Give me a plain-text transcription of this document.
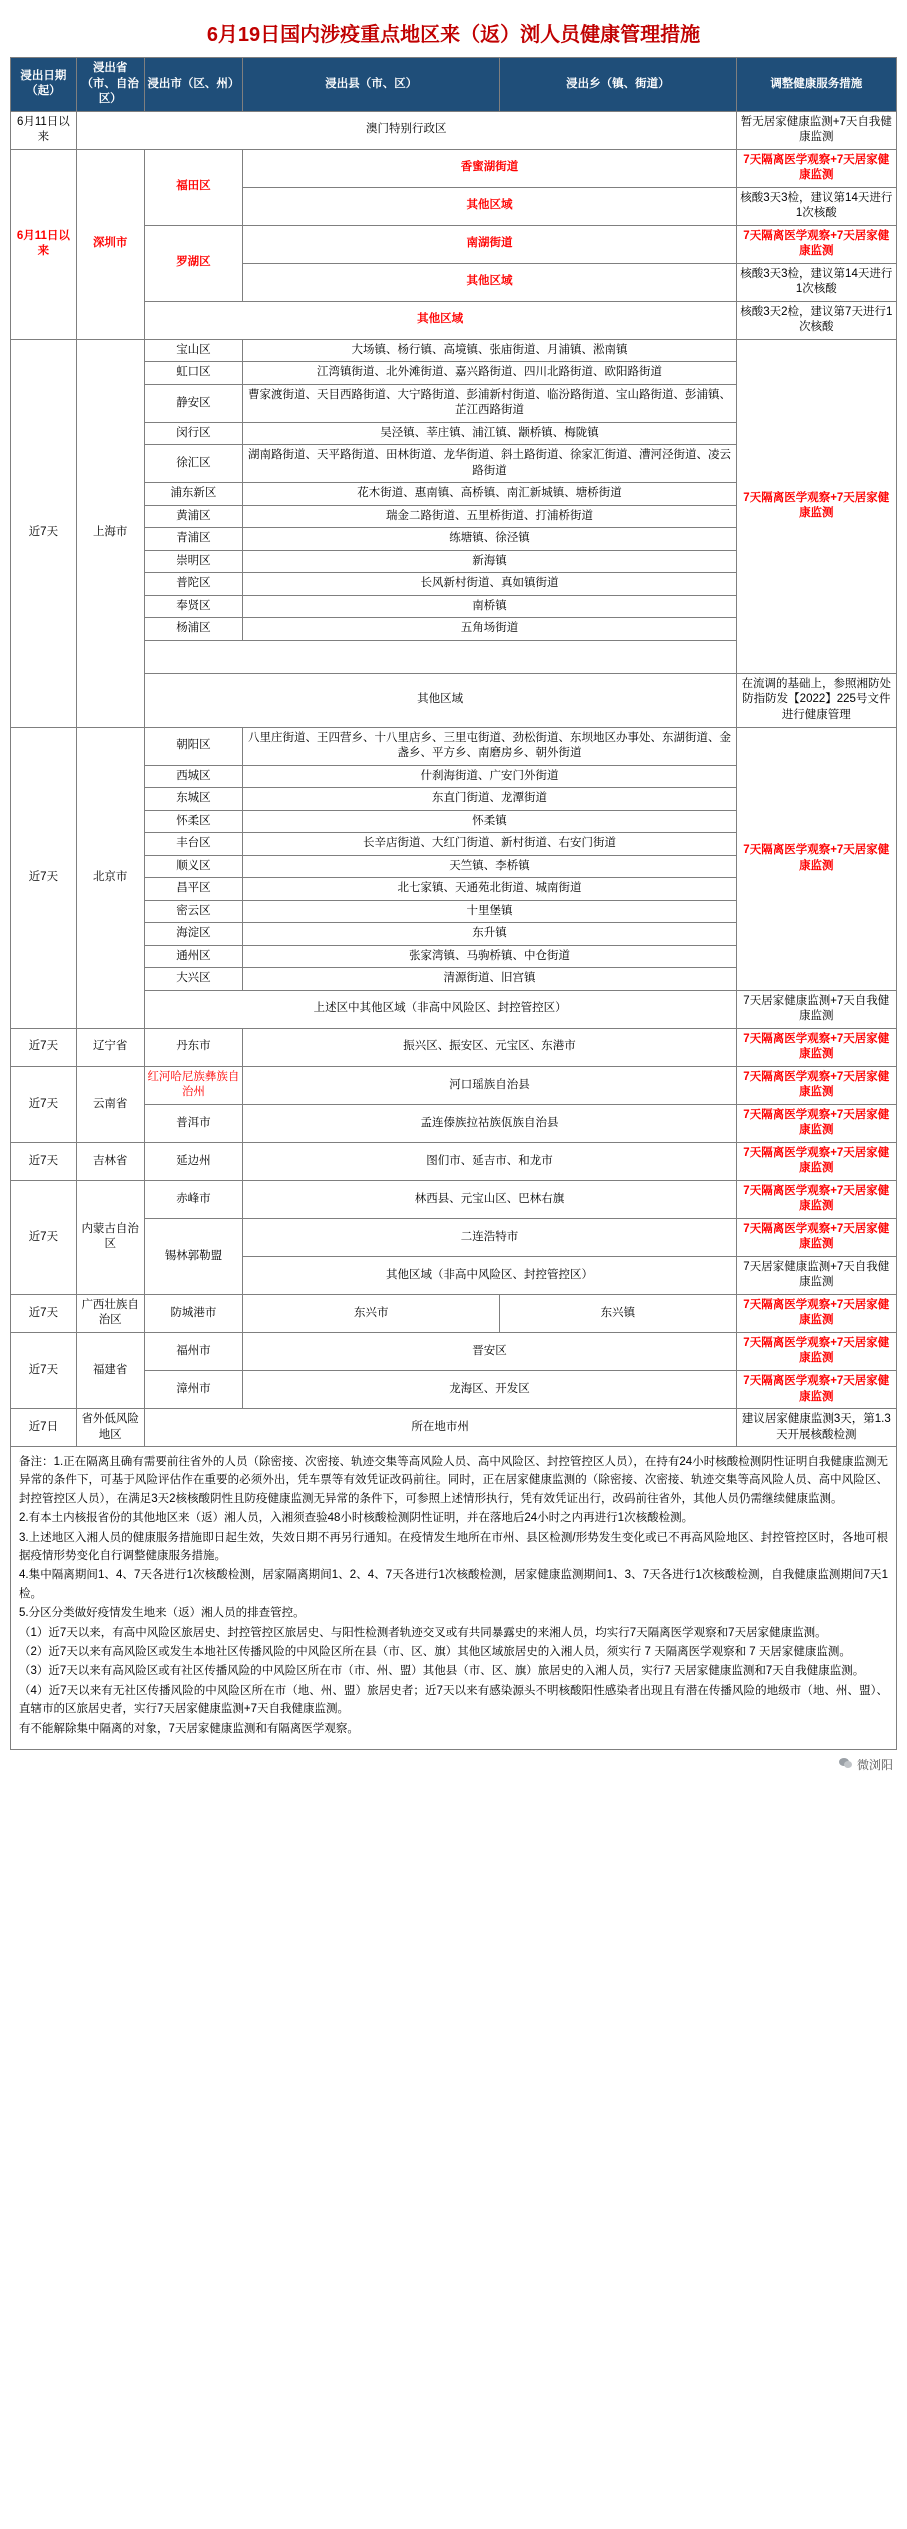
6月19日国内涉疫重点地区来（返）浏人员健康管理措施
浸出日期（起）	浸出省（市、自治区）	浸出市（区、州）	浸出县（市、区）	浸出乡（镇、街道）	调整健康服务措施
6月11日以来	澳门特别行政区				暂无居家健康监测+7天自我健康监测
6月11日以来	深圳市	福田区	香蜜湖街道		7天隔离医学观察+7天居家健康监测
			其他区域		核酸3天3检，建议第14天进行1次核酸
		罗湖区	南湖街道		7天隔离医学观察+7天居家健康监测
			其他区域		核酸3天3检，建议第14天进行1次核酸
		其他区域			核酸3天2检，建议第7天进行1次核酸
近7天	上海市	宝山区	大场镇、杨行镇、高境镇、张庙街道、月浦镇、淞南镇		7天隔离医学观察+7天居家健康监测
		虹口区	江湾镇街道、北外滩街道、嘉兴路街道、四川北路街道、欧阳路街道		
		静安区	曹家渡街道、天目西路街道、大宁路街道、彭浦新村街道、临汾路街道、宝山路街道、彭浦镇、芷江西路街道		
		闵行区	吴泾镇、莘庄镇、浦江镇、颛桥镇、梅陇镇		
		徐汇区	湖南路街道、天平路街道、田林街道、龙华街道、斜土路街道、徐家汇街道、漕河泾街道、凌云路街道		
		浦东新区	花木街道、惠南镇、高桥镇、南汇新城镇、塘桥街道		
		黄浦区	瑞金二路街道、五里桥街道、打浦桥街道		
		青浦区	练塘镇、徐泾镇		
		崇明区	新海镇		
		普陀区	长风新村街道、真如镇街道		
		奉贤区	南桥镇		
		杨浦区	五角场街道		

		其他区域			在流调的基础上，参照湘防处防指防发【2022】225号文件进行健康管理
近7天	北京市	朝阳区	八里庄街道、王四营乡、十八里店乡、三里屯街道、劲松街道、东坝地区办事处、东湖街道、金盏乡、平方乡、南磨房乡、朝外街道		7天隔离医学观察+7天居家健康监测
		西城区	什刹海街道、广安门外街道		
		东城区	东直门街道、龙潭街道		
		怀柔区	怀柔镇		
		丰台区	长辛店街道、大红门街道、新村街道、右安门街道		
		顺义区	天竺镇、李桥镇		
		昌平区	北七家镇、天通苑北街道、城南街道		
		密云区	十里堡镇		
		海淀区	东升镇		
		通州区	张家湾镇、马驹桥镇、中仓街道		
		大兴区	清源街道、旧宫镇		
		上述区中其他区域（非高中风险区、封控管控区）			7天居家健康监测+7天自我健康监测
近7天	辽宁省	丹东市	振兴区、振安区、元宝区、东港市		7天隔离医学观察+7天居家健康监测
近7天	云南省	红河哈尼族彝族自治州	河口瑶族自治县		7天隔离医学观察+7天居家健康监测
		普洱市	孟连傣族拉祜族佤族自治县		7天隔离医学观察+7天居家健康监测
近7天	吉林省	延边州	图们市、延吉市、和龙市		7天隔离医学观察+7天居家健康监测
近7天	内蒙古自治区	赤峰市	林西县、元宝山区、巴林右旗		7天隔离医学观察+7天居家健康监测
		锡林郭勒盟	二连浩特市		7天隔离医学观察+7天居家健康监测
			其他区域（非高中风险区、封控管控区）		7天居家健康监测+7天自我健康监测
近7天	广西壮族自治区	防城港市	东兴市	东兴镇	7天隔离医学观察+7天居家健康监测
近7天	福建省	福州市	晋安区		7天隔离医学观察+7天居家健康监测
		漳州市	龙海区、开发区		7天隔离医学观察+7天居家健康监测
近7日	省外低风险地区	所在地市州			建议居家健康监测3天，第1.3天开展核酸检测

备注：1.正在隔离且确有需要前往省外的人员（除密接、次密接、轨迹交集等高风险人员、高中风险区、封控管控区人员），在持有24小时核酸检测阴性证明自我健康监测无异常的条件下，可基于风险评估作在重要的必须外出，凭车票等有效凭证改码前往。同时，正在居家健康监测的（除密接、次密接、轨迹交集等高风险人员、高中风险区、封控管控区人员），在满足3天2核核酸阴性且防疫健康监测无异常的条件下，可参照上述情形执行，凭有效凭证出行，改码前往省外，其他人员仍需继续健康监测。

2.有本土内核报省份的其他地区来（返）湘人员，入湘须查验48小时核酸检测阴性证明，并在落地后24小时之内再进行1次核酸检测。

3.上述地区入湘人员的健康服务措施即日起生效，失效日期不再另行通知。在疫情发生地所在市州、县区检测/形势发生变化或已不再高风险地区、封控管控区时，各地可根据疫情形势变化自行调整健康服务措施。

4.集中隔离期间1、4、7天各进行1次核酸检测，居家隔离期间1、2、4、7天各进行1次核酸检测，居家健康监测期间1、3、7天各进行1次核酸检测，自我健康监测期间7天1检。

5.分区分类做好疫情发生地来（返）湘人员的排查管控。

（1）近7天以来，有高中风险区旅居史、封控管控区旅居史、与阳性检测者轨迹交叉或有共同暴露史的来湘人员，均实行7天隔离医学观察和7天居家健康监测。

（2）近7天以来有高风险区或发生本地社区传播风险的中风险区所在县（市、区、旗）其他区域旅居史的入湘人员，须实行 7 天隔离医学观察和 7 天居家健康监测。

（3）近7天以来有高风险区或有社区传播风险的中风险区所在市（市、州、盟）其他县（市、区、旗）旅居史的入湘人员，实行7 天居家健康监测和7天自我健康监测。

（4）近7天以来有无社区传播风险的中风险区所在市（地、州、盟）旅居史者；近7天以来有感染源头不明核酸阳性感染者出现且有潜在传播风险的地级市（地、州、盟）、直辖市的区旅居史者，实行7天居家健康监测+7天自我健康监测。

有不能解除集中隔离的对象，7天居家健康监测和有隔离医学观察。

微浏阳
